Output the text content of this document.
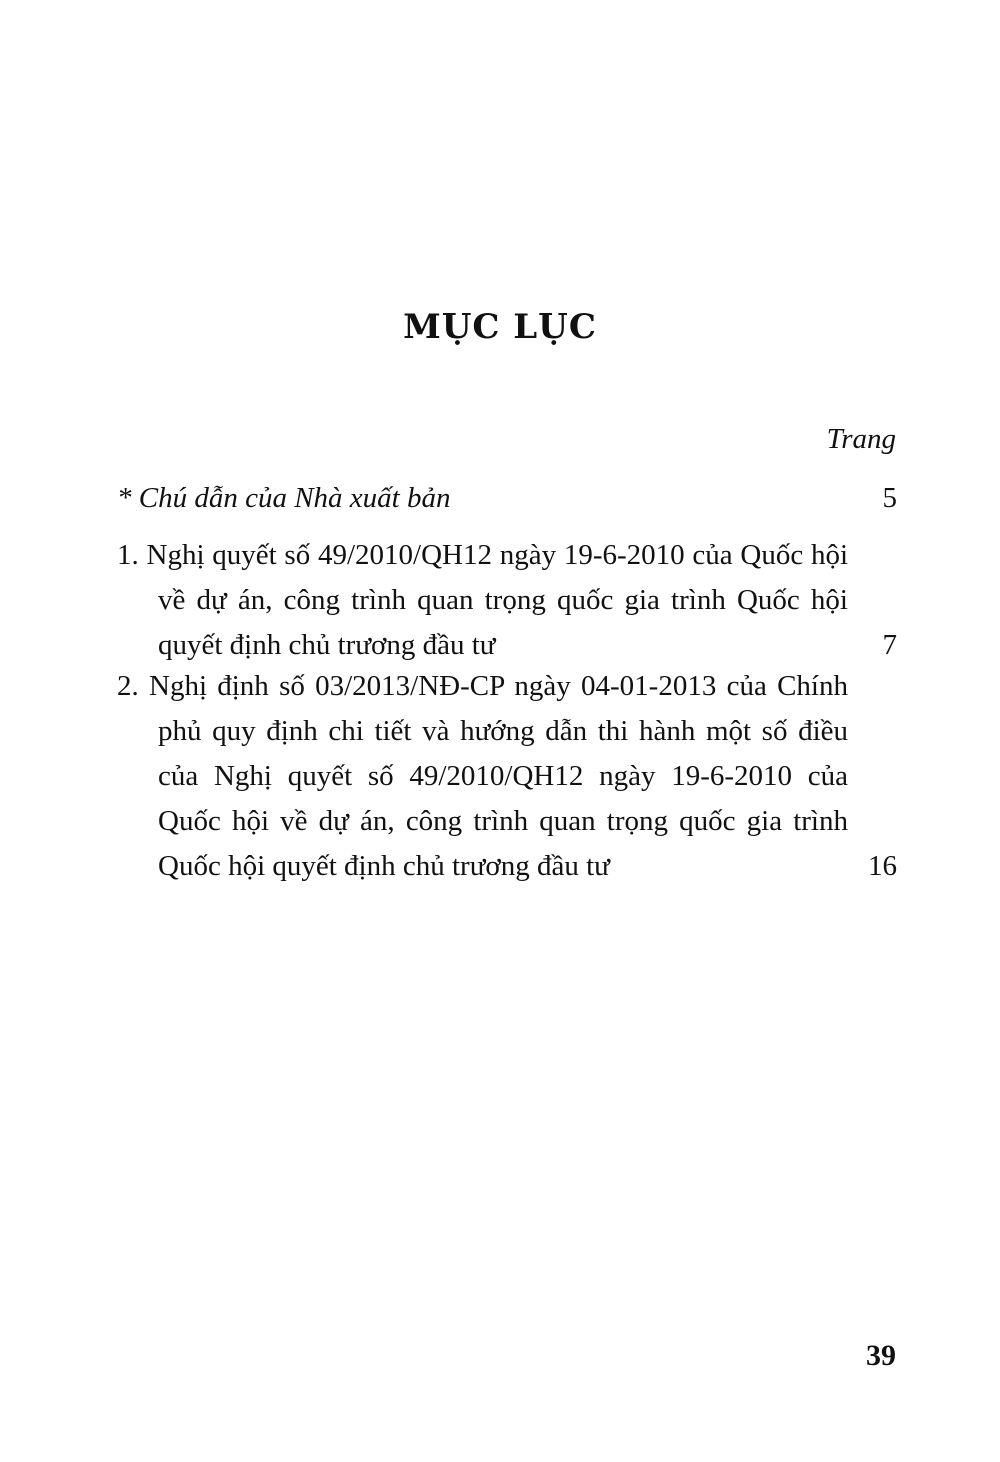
MỤC LỤC
Trang
* Chú dẫn của Nhà xuất bản	5
1. Nghị quyết số 49/2010/QH12 ngày 19-6-2010 của Quốc hội về dự án, công trình quan trọng quốc gia trình Quốc hội quyết định chủ trương đầu tư	7
2. Nghị định số 03/2013/NĐ-CP ngày 04-01-2013 của Chính phủ quy định chi tiết và hướng dẫn thi hành một số điều của Nghị quyết số 49/2010/QH12 ngày 19-6-2010 của Quốc hội về dự án, công trình quan trọng quốc gia trình Quốc hội quyết định chủ trương đầu tư	16
39
